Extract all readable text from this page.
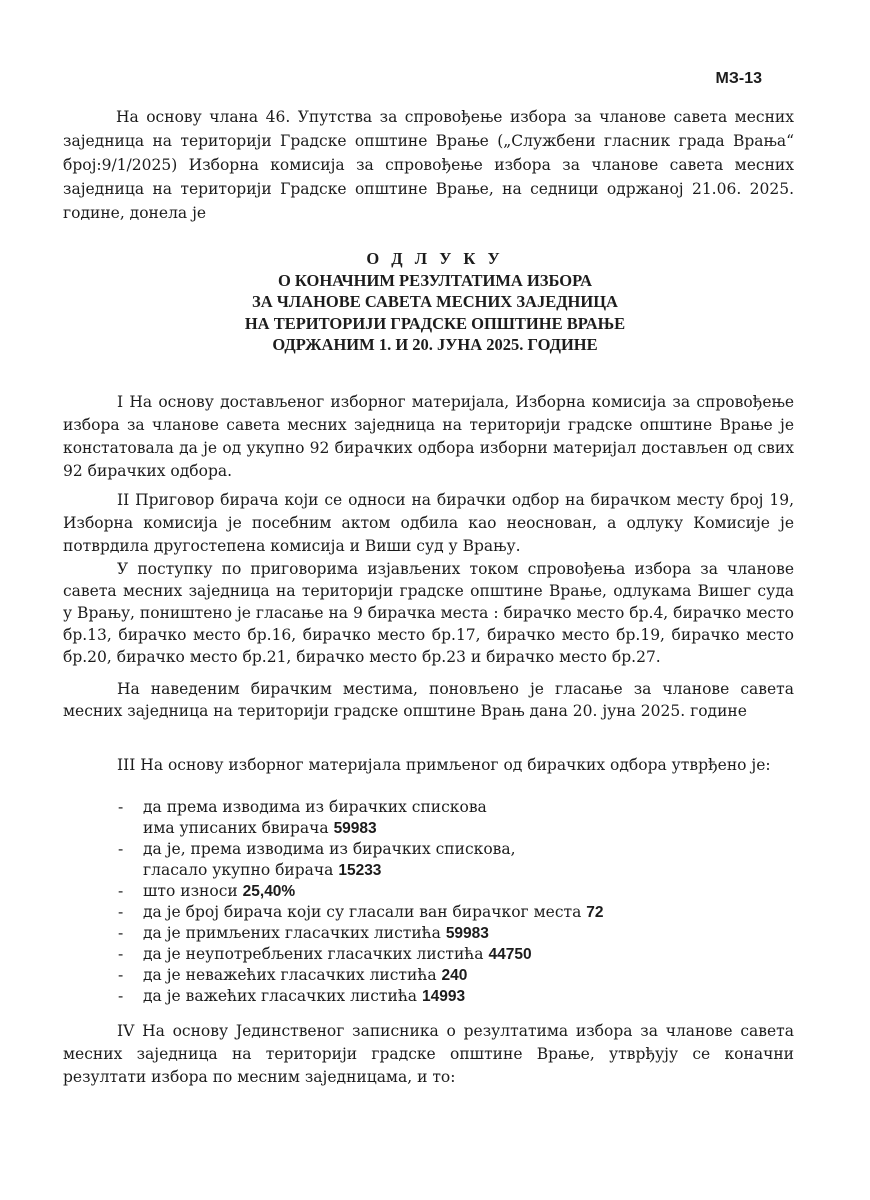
МЗ-13

На основу члана 46. Упутства за спровођење избора за чланове савета месних заједница на територији Градске општине Врање („Службени гласник града Врања“ број:9/1/2025) Изборна комисија за спровођење избора за чланове савета месних заједница на територији Градске општине Врање, на седници одржаној 21.06. 2025. године, донела је

О Д Л У К У
О КОНАЧНИМ РЕЗУЛТАТИМА ИЗБОРА
ЗА ЧЛАНОВЕ САВЕТА МЕСНИХ ЗАЈЕДНИЦА
НА ТЕРИТОРИЈИ ГРАДСКЕ ОПШТИНЕ ВРАЊЕ
ОДРЖАНИМ 1. И 20. ЈУНА 2025. ГОДИНЕ

I На основу достављеног изборног материјала, Изборна комисија за спровођење избора за чланове савета месних заједница на територији градске општине Врање је констатовала да је од укупно 92 бирачких одбора изборни материјал достављен од свих 92 бирачких одбора.

II Приговор бирача који се односи на бирачки одбор на бирачком месту број 19, Изборна комисија је посебним актом одбила као неоснован, а одлуку Комисије је потврдила другостепена комисија и Виши суд у Врању.

У поступку по приговорима изјављених током спровођења избора за чланове савета месних заједница на територији градске општине Врање, одлукама Вишег суда у Врању, поништено је гласање на 9 бирачка места : бирачко место бр.4, бирачко место бр.13, бирачко место бр.16, бирачко место бр.17, бирачко место бр.19, бирачко место бр.20, бирачко место бр.21, бирачко место бр.23 и бирачко место бр.27.

На наведеним бирачким местима, поновљено је гласање за чланове савета месних заједница на територији градске општине Врањ дана 20. јуна 2025. године

III На основу изборног материјала примљеног од бирачких одбора утврђено је:

- да према изводима из бирачких спискова
има уписаних бвирача 59983
- да је, према изводима из бирачких спискова,
гласало укупно бирача 15233
- што износи 25,40%
- да је број бирача који су гласали ван бирачког места 72
- да је примљених гласачких листића 59983
- да је неупотребљених гласачких листића 44750
- да је неважећих гласачких листића 240
- да је важећих гласачких листића 14993

IV На основу Јединственог записника о резултатима избора за чланове савета месних заједница на територији градске општине Врање, утврђују се коначни резултати избора по месним заједницама, и то:
